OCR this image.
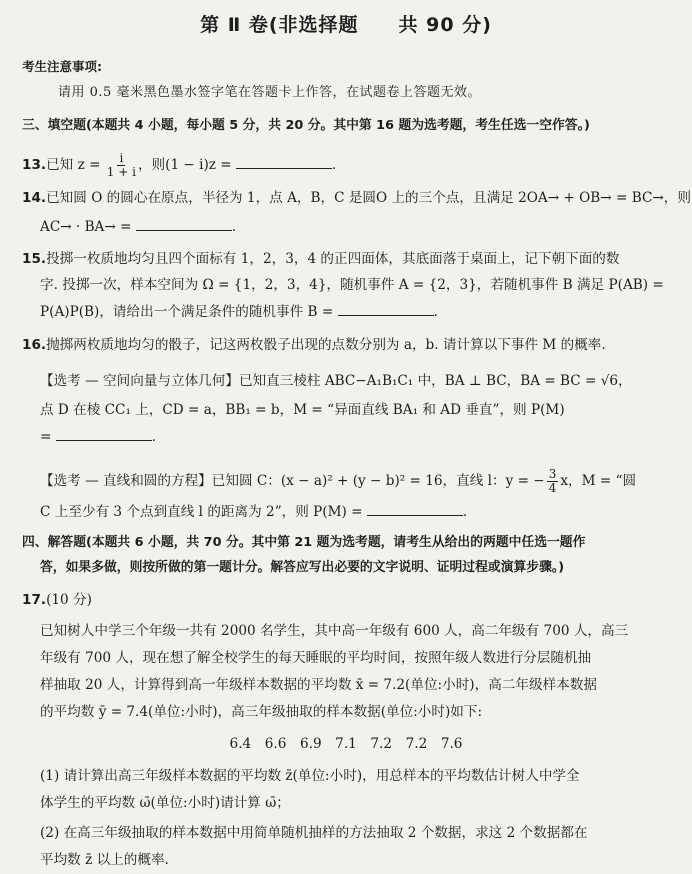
第 Ⅱ 卷(非选择题　　共 90 分)
考生注意事项:
请用 0.5 毫米黑色墨水签字笔在答题卡上作答，在试题卷上答题无效。
三、填空题(本题共 4 小题，每小题 5 分，共 20 分。其中第 16 题为选考题，考生任选一空作答。)
13.已知 $z = \frac{i}{1 + i}$ ，则(1 − i)z =	.
14.已知圆 O 的圆心在原点，半径为 1，点 A，B，C 是圆O 上的三个点，且满足 2OA→ + OB→ = BC→，则
AC→ · BA→ =	.
15.投掷一枚质地均匀且四个面标有 1，2，3，4 的正四面体，其底面落于桌面上，记下朝下面的数
字. 投掷一次，样本空间为 Ω = {1，2，3，4}，随机事件 A = {2，3}，若随机事件 B 满足 P(AB) =
P(A)P(B)，请给出一个满足条件的随机事件 B =	.
16.抛掷两枚质地均匀的骰子，记这两枚骰子出现的点数分别为 a，b. 请计算以下事件 M 的概率.
【选考 — 空间向量与立体几何】已知直三棱柱 ABC−A₁B₁C₁ 中，BA ⊥ BC，BA = BC = √6，
点 D 在棱 CC₁ 上，CD = a，BB₁ = b，M = “异面直线 BA₁ 和 AD 垂直”，则 P(M)
=	.
【选考 — 直线和圆的方程】已知圆 C：(x − a)² + (y − b)² = 16，直线 l：y = − $\frac{3}{4}$ x，M = “圆
C 上至少有 3 个点到直线 l 的距离为 2”，则 P(M) =	.
四、解答题(本题共 6 小题，共 70 分。其中第 21 题为选考题，请考生从给出的两题中任选一题作
答，如果多做，则按所做的第一题计分。解答应写出必要的文字说明、证明过程或演算步骤。)
17.(10 分)
已知树人中学三个年级一共有 2000 名学生，其中高一年级有 600 人，高二年级有 700 人，高三
年级有 700 人，现在想了解全校学生的每天睡眠的平均时间，按照年级人数进行分层随机抽
样抽取 20 人，计算得到高一年级样本数据的平均数 x̄ = 7.2(单位:小时)，高二年级样本数据
的平均数 ȳ = 7.4(单位:小时)，高三年级抽取的样本数据(单位:小时)如下:
6.4　6.6　6.9　7.1　7.2　7.2　7.6
(1) 请计算出高三年级样本数据的平均数 z̄(单位:小时)，用总样本的平均数估计树人中学全
体学生的平均数 ω̄(单位:小时)请计算 ω̄；
(2) 在高三年级抽取的样本数据中用简单随机抽样的方法抽取 2 个数据，求这 2 个数据都在
平均数 z̄ 以上的概率.
